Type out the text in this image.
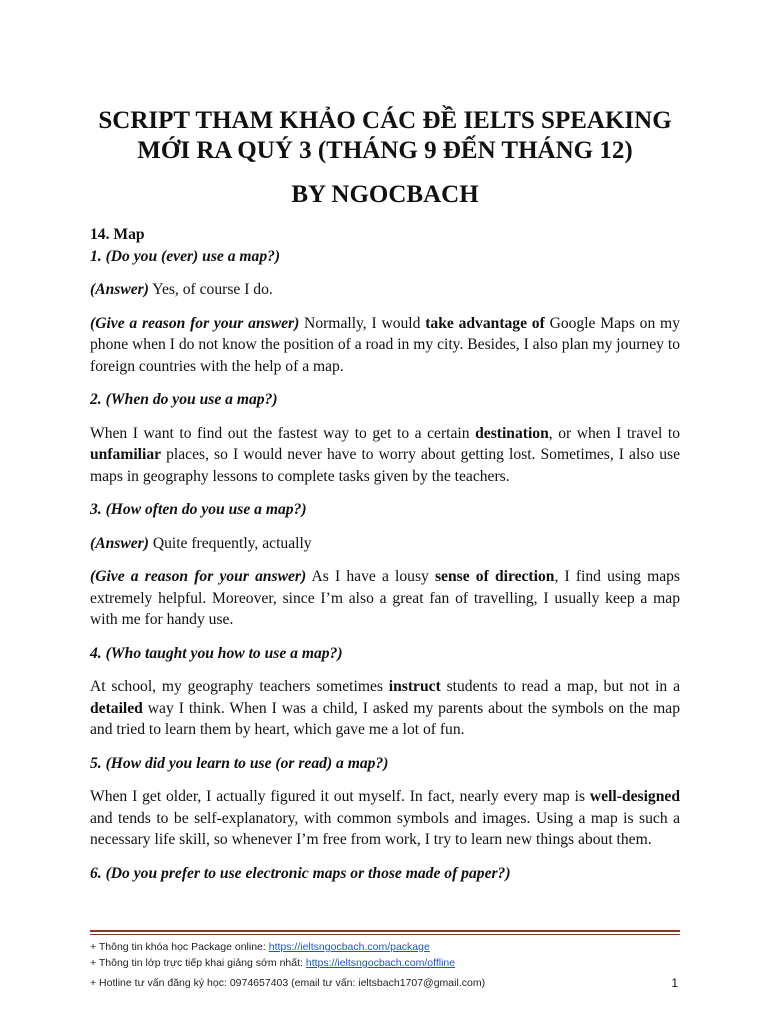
SCRIPT THAM KHẢO CÁC ĐỀ IELTS SPEAKING
MỚI RA QUÝ 3 (THÁNG 9 ĐẾN THÁNG 12)
BY NGOCBACH

14. Map

1. (Do you (ever) use a map?)

(Answer) Yes, of course I do.

(Give a reason for your answer) Normally, I would take advantage of Google Maps on my phone when I do not know the position of a road in my city. Besides, I also plan my journey to foreign countries with the help of a map.

2. (When do you use a map?)

When I want to find out the fastest way to get to a certain destination, or when I travel to unfamiliar places, so I would never have to worry about getting lost. Sometimes, I also use maps in geography lessons to complete tasks given by the teachers.

3. (How often do you use a map?)

(Answer) Quite frequently, actually

(Give a reason for your answer) As I have a lousy sense of direction, I find using maps extremely helpful. Moreover, since I’m also a great fan of travelling, I usually keep a map with me for handy use.

4. (Who taught you how to use a map?)

At school, my geography teachers sometimes instruct students to read a map, but not in a detailed way I think. When I was a child, I asked my parents about the symbols on the map and tried to learn them by heart, which gave me a lot of fun.

5. (How did you learn to use (or read) a map?)

When I get older, I actually figured it out myself. In fact, nearly every map is well-designed and tends to be self-explanatory, with common symbols and images. Using a map is such a necessary life skill, so whenever I’m free from work, I try to learn new things about them.

6. (Do you prefer to use electronic maps or those made of paper?)

+ Thông tin khóa học Package online: https://ieltsngocbach.com/package
+ Thông tin lớp trực tiếp khai giảng sớm nhất: https://ieltsngocbach.com/offline
+ Hotline tư vấn đăng ký học: 0974657403 (email tư vấn: ieltsbach1707@gmail.com)	1
